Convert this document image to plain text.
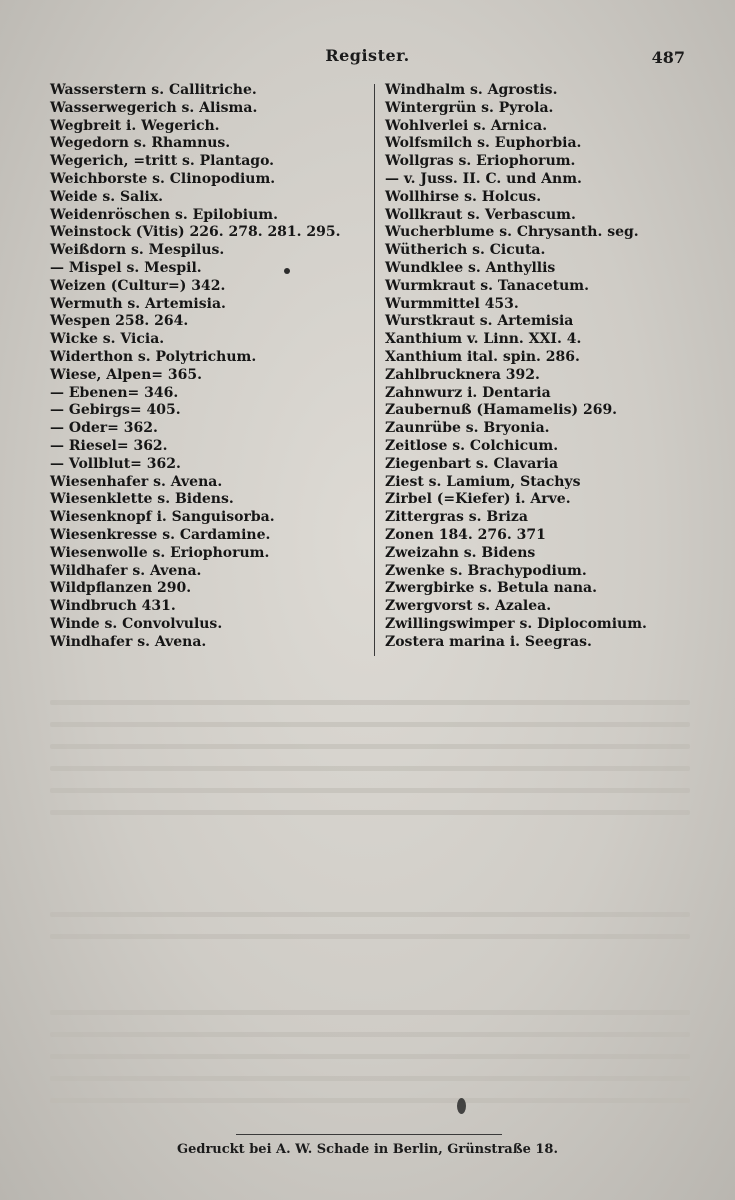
Register.	487
Wasserstern s. Callitriche.
Wasserwegerich s. Alisma.
Wegbreit i. Wegerich.
Wegedorn s. Rhamnus.
Wegerich, =tritt s. Plantago.
Weichborste s. Clinopodium.
Weide s. Salix.
Weidenröschen s. Epilobium.
Weinstock (Vitis) 226. 278. 281. 295.
Weißdorn s. Mespilus.
— Mispel s. Mespil.
Weizen (Cultur=) 342.
Wermuth s. Artemisia.
Wespen 258. 264.
Wicke s. Vicia.
Widerthon s. Polytrichum.
Wiese, Alpen= 365.
— Ebenen= 346.
— Gebirgs= 405.
— Oder= 362.
— Riesel= 362.
— Vollblut= 362.
Wiesenhafer s. Avena.
Wiesenklette s. Bidens.
Wiesenknopf i. Sanguisorba.
Wiesenkresse s. Cardamine.
Wiesenwolle s. Eriophorum.
Wildhafer s. Avena.
Wildpflanzen 290.
Windbruch 431.
Winde s. Convolvulus.
Windhafer s. Avena.
Windhalm s. Agrostis.
Wintergrün s. Pyrola.
Wohlverlei s. Arnica.
Wolfsmilch s. Euphorbia.
Wollgras s. Eriophorum.
— v. Juss. II. C. und Anm.
Wollhirse s. Holcus.
Wollkraut s. Verbascum.
Wucherblume s. Chrysanth. seg.
Wütherich s. Cicuta.
Wundklee s. Anthyllis
Wurmkraut s. Tanacetum.
Wurmmittel 453.
Wurstkraut s. Artemisia
Xanthium v. Linn. XXI. 4.
Xanthium ital. spin. 286.
Zahlbrucknera 392.
Zahnwurz i. Dentaria
Zaubernuß (Hamamelis) 269.
Zaunrübe s. Bryonia.
Zeitlose s. Colchicum.
Ziegenbart s. Clavaria
Ziest s. Lamium, Stachys
Zirbel (=Kiefer) i. Arve.
Zittergras s. Briza
Zonen 184. 276. 371
Zweizahn s. Bidens
Zwenke s. Brachypodium.
Zwergbirke s. Betula nana.
Zwergvorst s. Azalea.
Zwillingswimper s. Diplocomium.
Zostera marina i. Seegras.
Gedruckt bei A. W. Schade in Berlin, Grünstraße 18.
